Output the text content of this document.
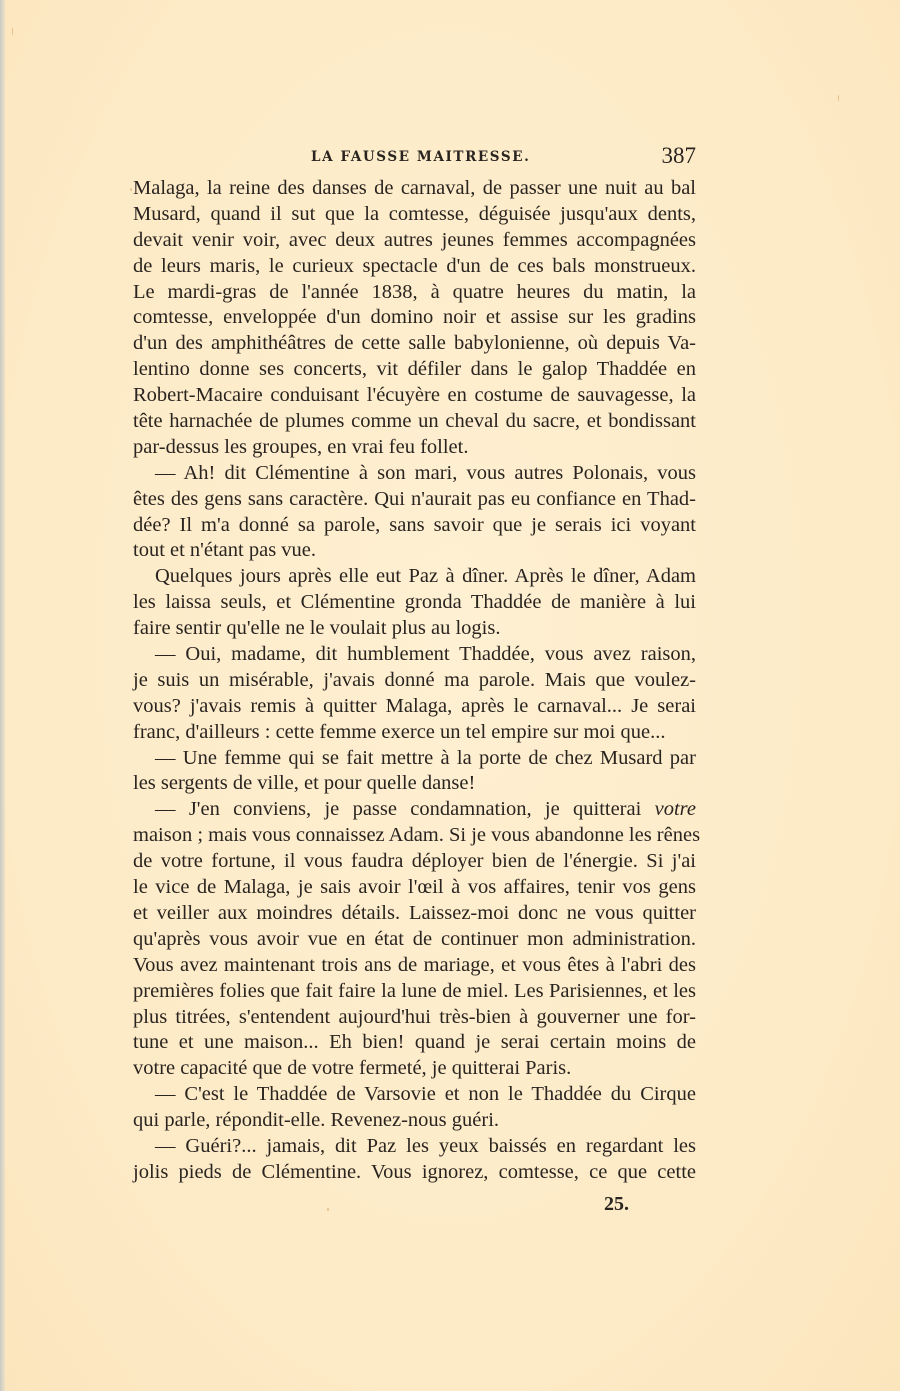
LA FAUSSE MAITRESSE.	387
Malaga, la reine des danses de carnaval, de passer une nuit au bal
Musard, quand il sut que la comtesse, déguisée jusqu'aux dents,
devait venir voir, avec deux autres jeunes femmes accompagnées
de leurs maris, le curieux spectacle d'un de ces bals monstrueux.
Le mardi-gras de l'année 1838, à quatre heures du matin, la
comtesse, enveloppée d'un domino noir et assise sur les gradins
d'un des amphithéâtres de cette salle babylonienne, où depuis Va-
lentino donne ses concerts, vit défiler dans le galop Thaddée en
Robert-Macaire conduisant l'écuyère en costume de sauvagesse, la
tête harnachée de plumes comme un cheval du sacre, et bondissant
par-dessus les groupes, en vrai feu follet.
— Ah! dit Clémentine à son mari, vous autres Polonais, vous
êtes des gens sans caractère. Qui n'aurait pas eu confiance en Thad-
dée? Il m'a donné sa parole, sans savoir que je serais ici voyant
tout et n'étant pas vue.
Quelques jours après elle eut Paz à dîner. Après le dîner, Adam
les laissa seuls, et Clémentine gronda Thaddée de manière à lui
faire sentir qu'elle ne le voulait plus au logis.
— Oui, madame, dit humblement Thaddée, vous avez raison,
je suis un misérable, j'avais donné ma parole. Mais que voulez-
vous? j'avais remis à quitter Malaga, après le carnaval... Je serai
franc, d'ailleurs : cette femme exerce un tel empire sur moi que...
— Une femme qui se fait mettre à la porte de chez Musard par
les sergents de ville, et pour quelle danse!
— J'en conviens, je passe condamnation, je quitterai votre
maison ; mais vous connaissez Adam. Si je vous abandonne les rênes
de votre fortune, il vous faudra déployer bien de l'énergie. Si j'ai
le vice de Malaga, je sais avoir l'œil à vos affaires, tenir vos gens
et veiller aux moindres détails. Laissez-moi donc ne vous quitter
qu'après vous avoir vue en état de continuer mon administration.
Vous avez maintenant trois ans de mariage, et vous êtes à l'abri des
premières folies que fait faire la lune de miel. Les Parisiennes, et les
plus titrées, s'entendent aujourd'hui très-bien à gouverner une for-
tune et une maison... Eh bien! quand je serai certain moins de
votre capacité que de votre fermeté, je quitterai Paris.
— C'est le Thaddée de Varsovie et non le Thaddée du Cirque
qui parle, répondit-elle. Revenez-nous guéri.
— Guéri?... jamais, dit Paz les yeux baissés en regardant les
jolis pieds de Clémentine. Vous ignorez, comtesse, ce que cette
25.
